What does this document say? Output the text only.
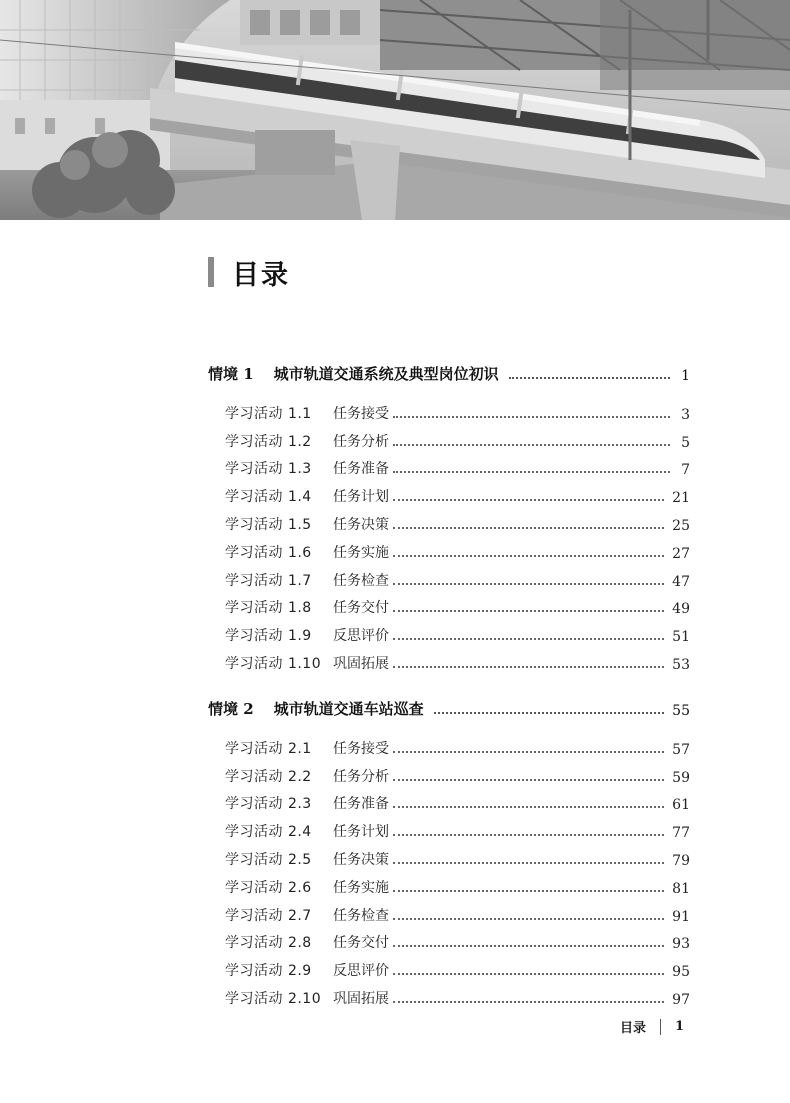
目录
情境 1 城市轨道交通系统及典型岗位初识	1
学习活动 1.1	任务接受	3
学习活动 1.2	任务分析	5
学习活动 1.3	任务准备	7
学习活动 1.4	任务计划	21
学习活动 1.5	任务决策	25
学习活动 1.6	任务实施	27
学习活动 1.7	任务检查	47
学习活动 1.8	任务交付	49
学习活动 1.9	反思评价	51
学习活动 1.10 巩固拓展	53
情境 2 城市轨道交通车站巡查	55
学习活动 2.1	任务接受	57
学习活动 2.2	任务分析	59
学习活动 2.3	任务准备	61
学习活动 2.4	任务计划	77
学习活动 2.5	任务决策	79
学习活动 2.6	任务实施	81
学习活动 2.7	任务检查	91
学习活动 2.8	任务交付	93
学习活动 2.9	反思评价	95
学习活动 2.10 巩固拓展	97
目录 1
